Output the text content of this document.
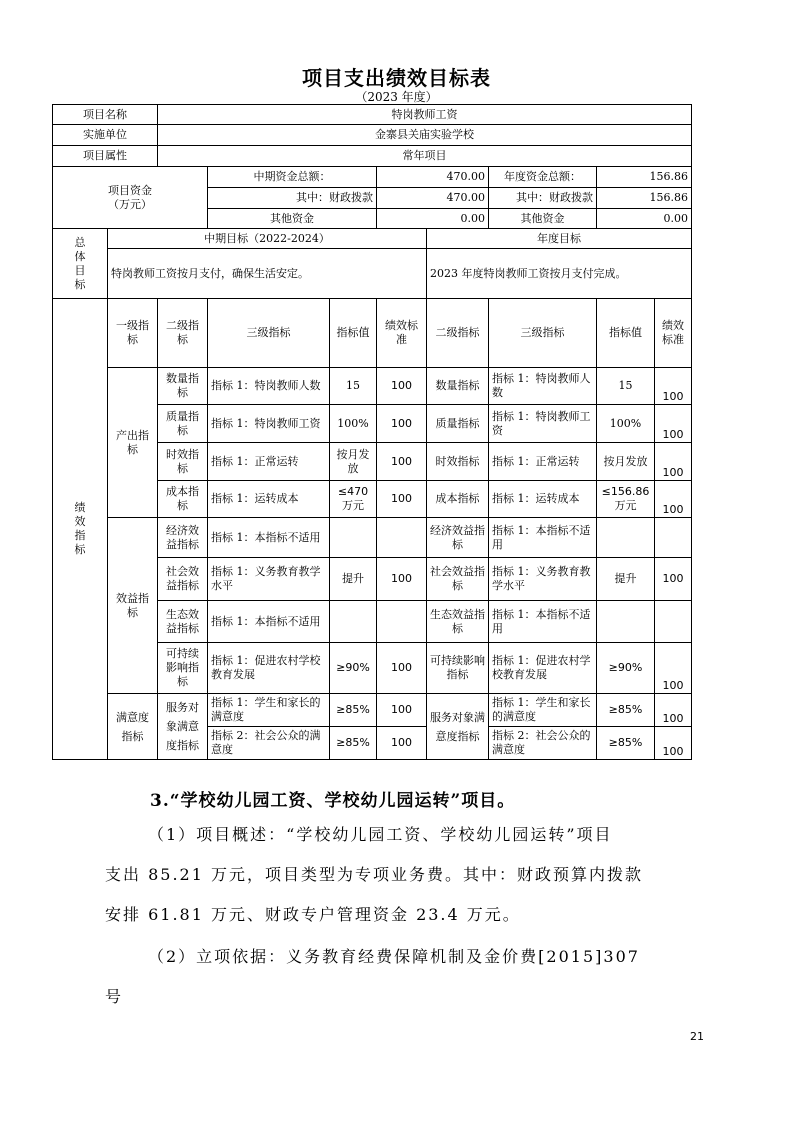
项目支出绩效目标表
（2023 年度）
项目名称		特岗教师工资							
实施单位		金寨县关庙实验学校							
项目属性		常年项目							

项目资金
（万元）			中期资金总额：		470.00		年度资金总额：	156.86	
			其中：财政拨款		470.00		其中：财政拨款	156.86	
			其他资金		0.00		其他资金	0.00	
总体目标	中期目标（2022-2024）					年度目标			
	特岗教师工资按月支付，确保生活安定。					2023 年度特岗教师工资按月支付完成。			
绩效指标	一级指标	二级指标	三级指标	指标值	绩效标准	二级指标	三级指标	指标值	绩效标准
	产出指标	数量指标	指标 1：特岗教师人数	15	100	数量指标	指标 1：特岗教师人数	15	100
		质量指标	指标 1：特岗教师工资	100%	100	质量指标	指标 1：特岗教师工资	100%	100
		时效指标	指标 1：正常运转	按月发放	100	时效指标	指标 1：正常运转	按月发放	100
		成本指标	指标 1：运转成本	≤470万元	100	成本指标	指标 1：运转成本	≤156.86 万元	100
	效益指标	经济效益指标	指标 1：本指标不适用			经济效益指标	指标 1：本指标不适用		
		社会效益指标	指标 1：义务教育教学水平	提升	100	社会效益指标	指标 1：义务教育教学水平	提升	100
		生态效益指标	指标 1：本指标不适用			生态效益指标	指标 1：本指标不适用		
		可持续影响指标	指标 1：促进农村学校教育发展	≥90%	100	可持续影响指标	指标 1：促进农村学校教育发展	≥90%	100
	满意度指标	服务对象满意度指标	指标 1：学生和家长的满意度	≥85%	100	服务对象满意度指标	指标 1：学生和家长的满意度	≥85%	100
			指标 2：社会公众的满意度	≥85%	100		指标 2：社会公众的满意度	≥85%	100
3.“学校幼儿园工资、学校幼儿园运转”项目。
（1）项目概述：“学校幼儿园工资、学校幼儿园运转”项目
支出 85.21 万元，项目类型为专项业务费。其中：财政预算内拨款
安排 61.81 万元、财政专户管理资金 23.4 万元。
（2）立项依据：义务教育经费保障机制及金价费[2015]307
号
21
